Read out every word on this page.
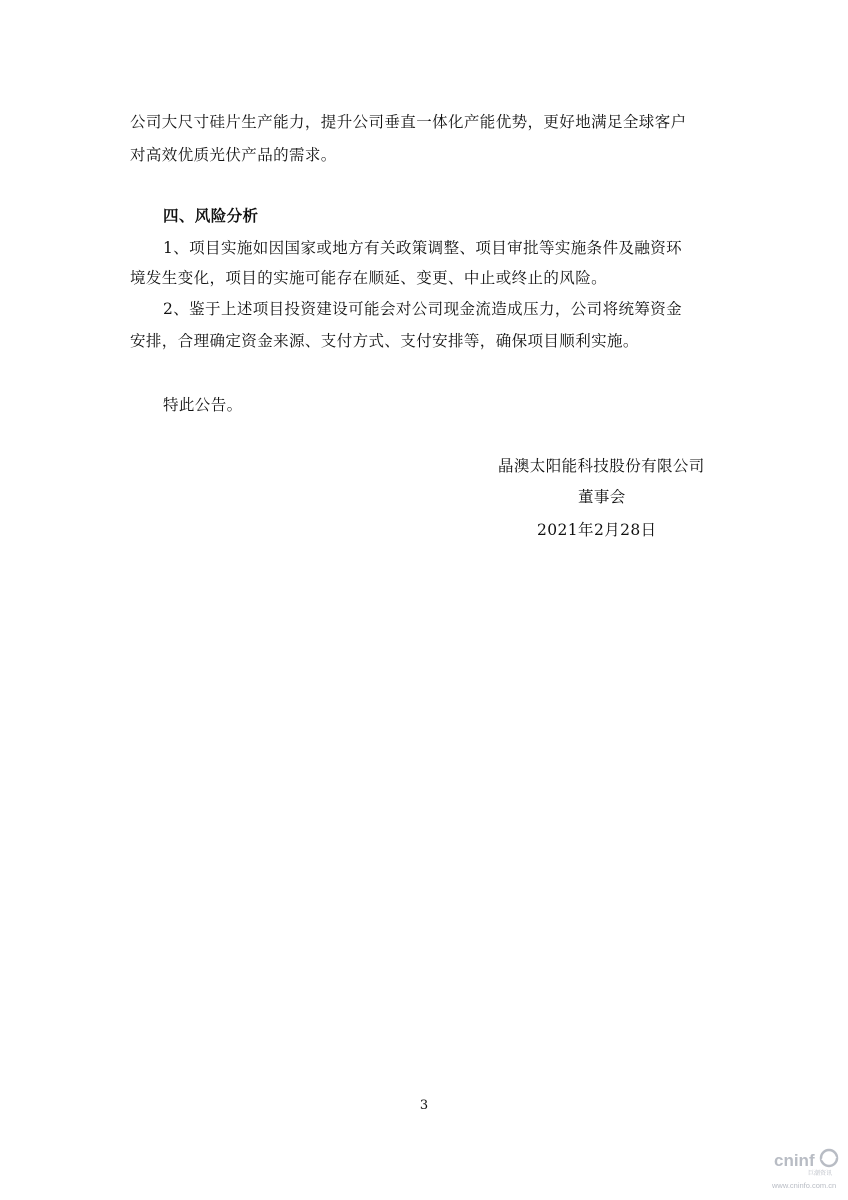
公司大尺寸硅片生产能力，提升公司垂直一体化产能优势，更好地满足全球客户
对高效优质光伏产品的需求。
四、风险分析
1、项目实施如因国家或地方有关政策调整、项目审批等实施条件及融资环
境发生变化，项目的实施可能存在顺延、变更、中止或终止的风险。
2、鉴于上述项目投资建设可能会对公司现金流造成压力，公司将统筹资金
安排，合理确定资金来源、支付方式、支付安排等，确保项目顺利实施。
特此公告。
晶澳太阳能科技股份有限公司
董事会
2021年2月28日
3
cninf
巨潮资讯
www.cninfo.com.cn
